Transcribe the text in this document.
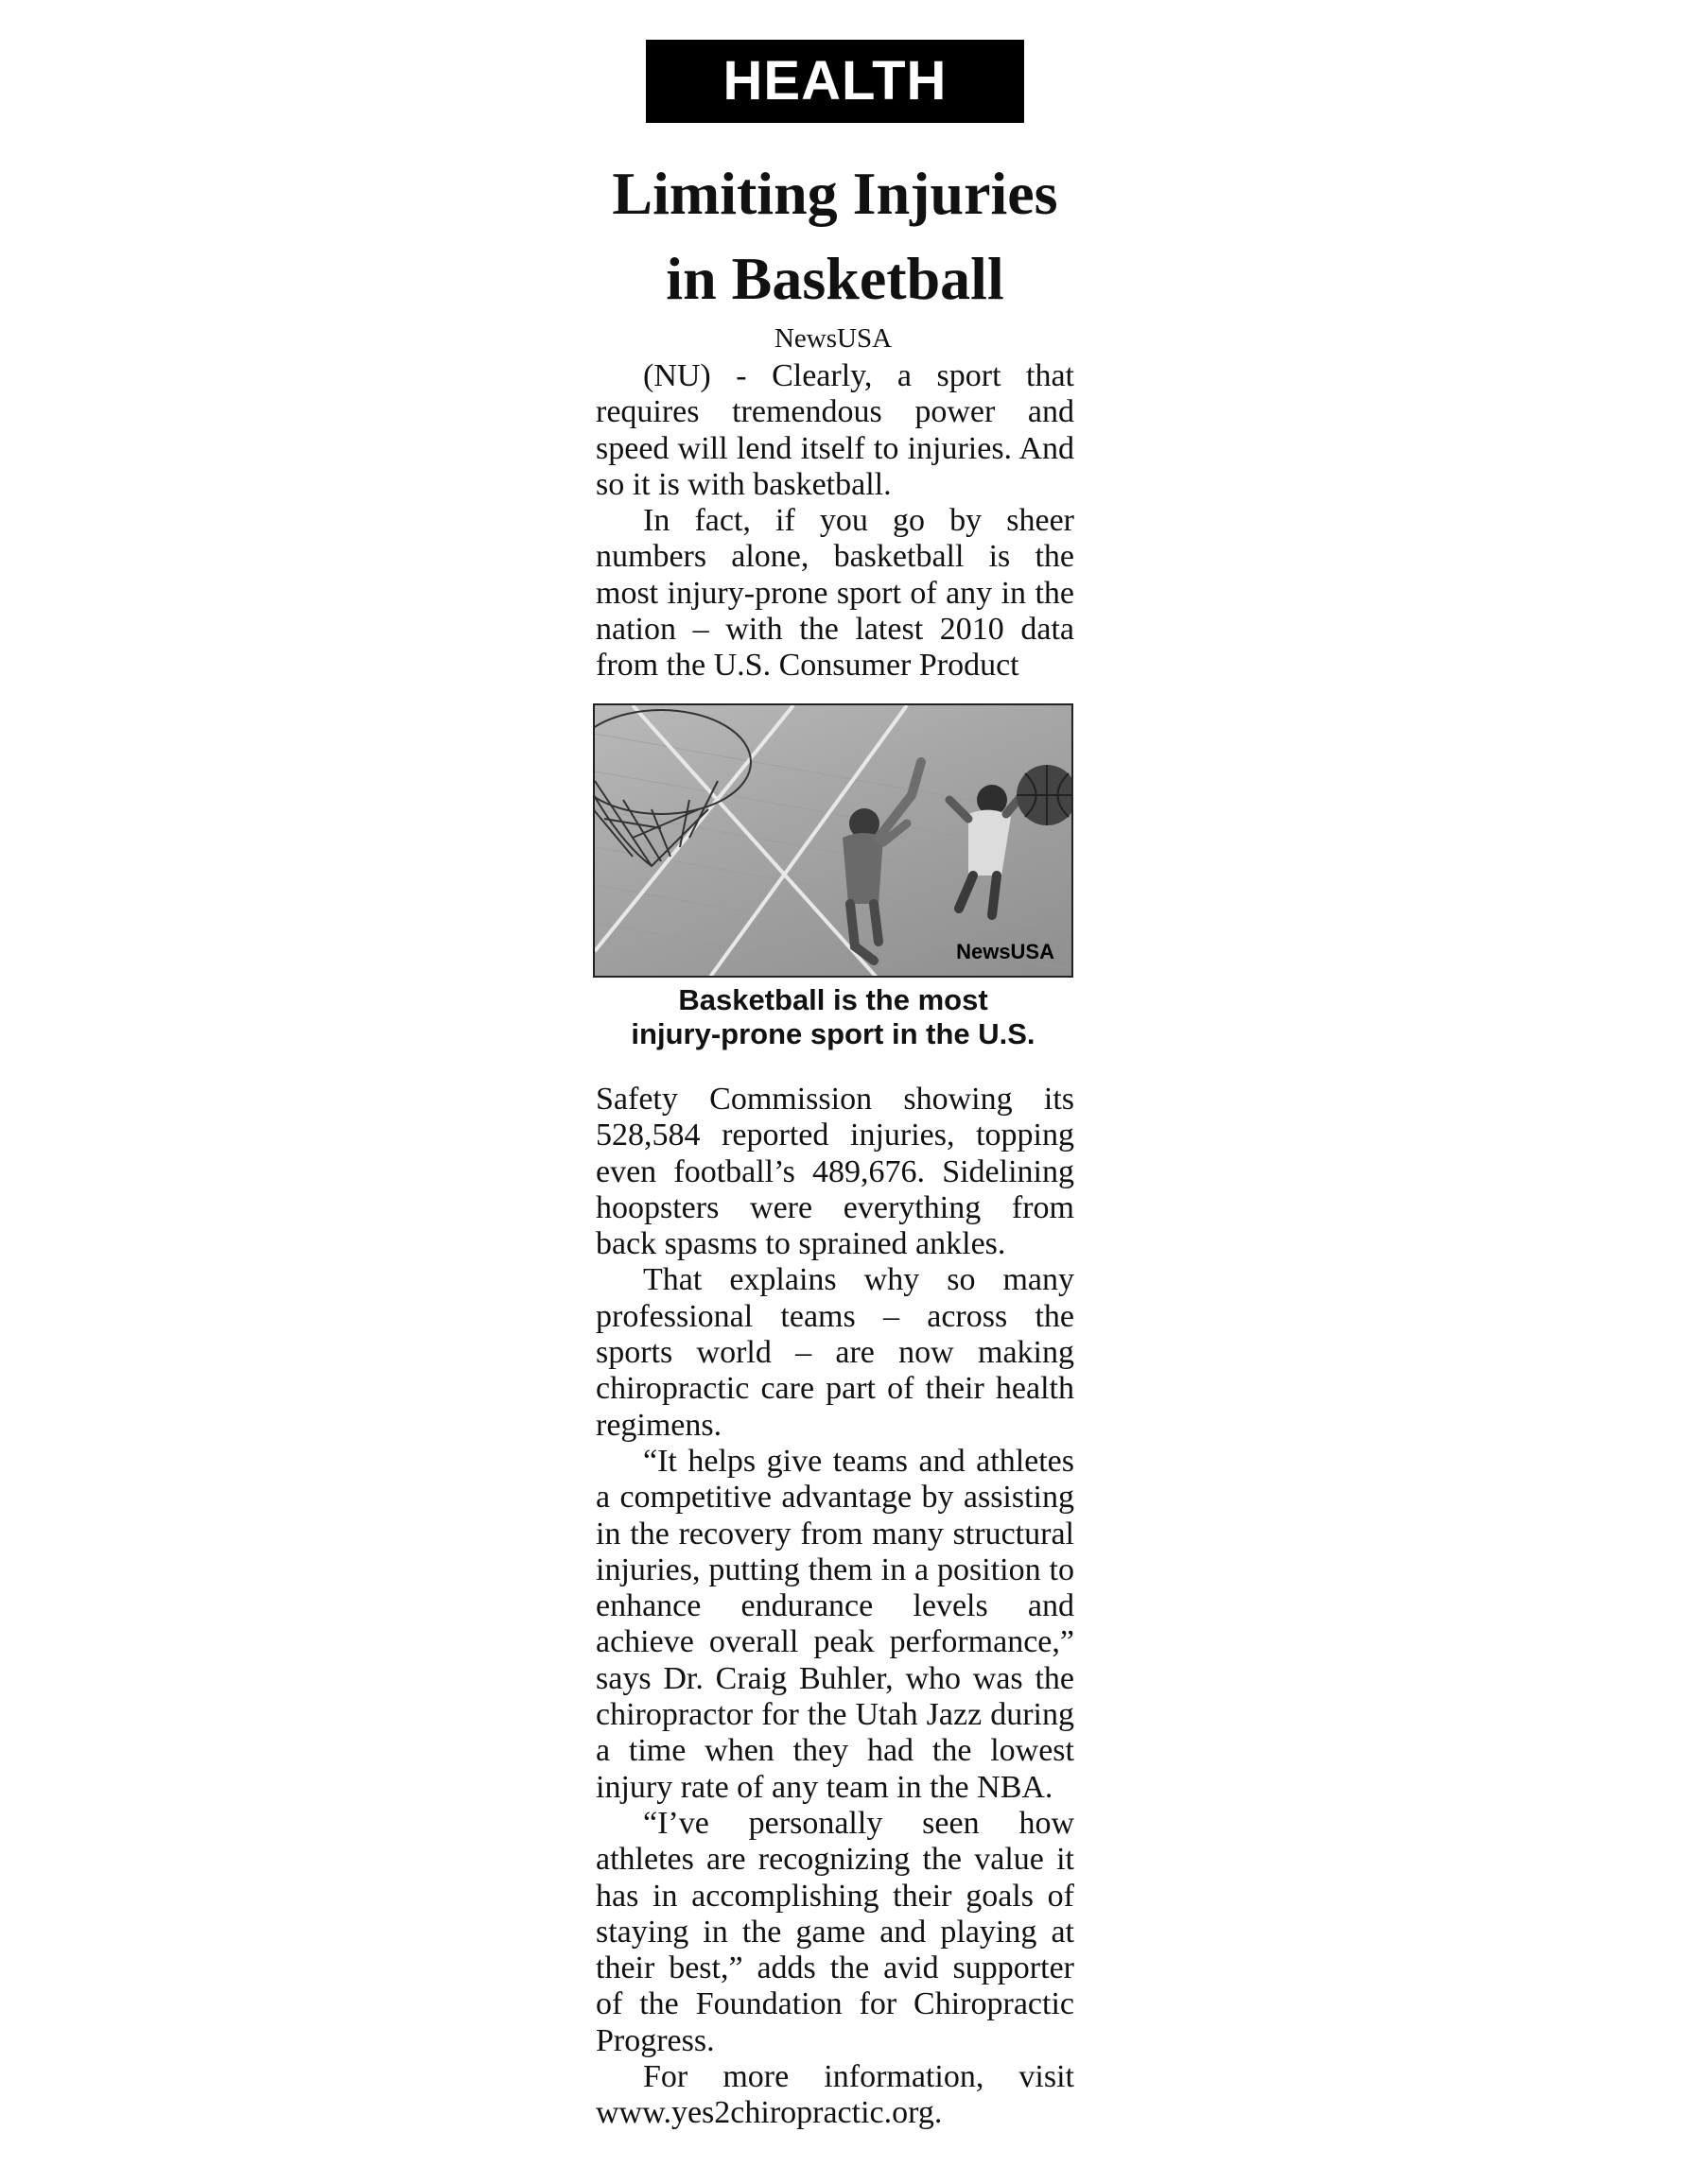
HEALTH
Limiting Injuries
in Basketball
NewsUSA

(NU) - Clearly, a sport that requires tremendous power and speed will lend itself to injuries. And so it is with basketball.

In fact, if you go by sheer numbers alone, basketball is the most injury-prone sport of any in the nation – with the latest 2010 data from the U.S. Consumer Product

NewsUSA
Basketball is the most
injury-prone sport in the U.S.

Safety Commission showing its 528,584 reported injuries, topping even football’s 489,676. Sidelining hoopsters were everything from back spasms to sprained ankles.

That explains why so many professional teams – across the sports world – are now making chiropractic care part of their health regimens.

“It helps give teams and athletes a competitive advantage by assisting in the recovery from many structural injuries, putting them in a position to enhance endurance levels and achieve overall peak performance,” says Dr. Craig Buhler, who was the chiropractor for the Utah Jazz during a time when they had the lowest injury rate of any team in the NBA.

“I’ve personally seen how athletes are recognizing the value it has in accomplishing their goals of staying in the game and playing at their best,” adds the avid supporter of the Foundation for Chiropractic Progress.

For more information, visit www.yes2chiropractic.org.
